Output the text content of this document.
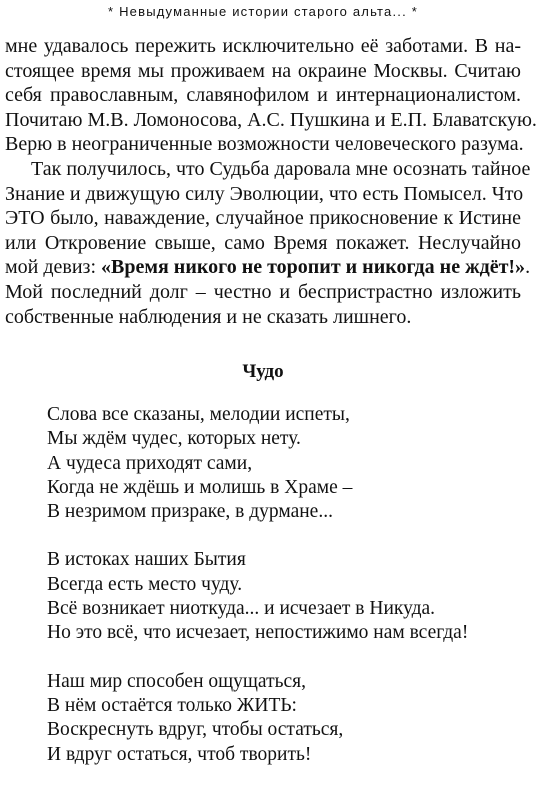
* Невыдуманные истории старого альта... *
мне удавалось пережить исключительно её заботами. В на-
стоящее время мы проживаем на окраине Москвы. Считаю
себя православным, славянофилом и интернационалистом.
Почитаю М.В. Ломоносова, А.С. Пушкина и Е.П. Блаватскую.
Верю в неограниченные возможности человеческого разума.
Так получилось, что Судьба даровала мне осознать тайное
Знание и движущую силу Эволюции, что есть Помысел. Что
ЭТО было, наваждение, случайное прикосновение к Истине
или Откровение свыше, само Время покажет. Неслучайно
мой девиз: «Время никого не торопит и никогда не ждёт!».
Мой последний долг – честно и беспристрастно изложить
собственные наблюдения и не сказать лишнего.
Чудо
Слова все сказаны, мелодии испеты,
Мы ждём чудес, которых нету.
А чудеса приходят сами,
Когда не ждёшь и молишь в Храме –
В незримом призраке, в дурмане...
В истоках наших Бытия
Всегда есть место чуду.
Всё возникает ниоткуда... и исчезает в Никуда.
Но это всё, что исчезает, непостижимо нам всегда!
Наш мир способен ощущаться,
В нём остаётся только ЖИТЬ:
Воскреснуть вдруг, чтобы остаться,
И вдруг остаться, чтоб творить!
